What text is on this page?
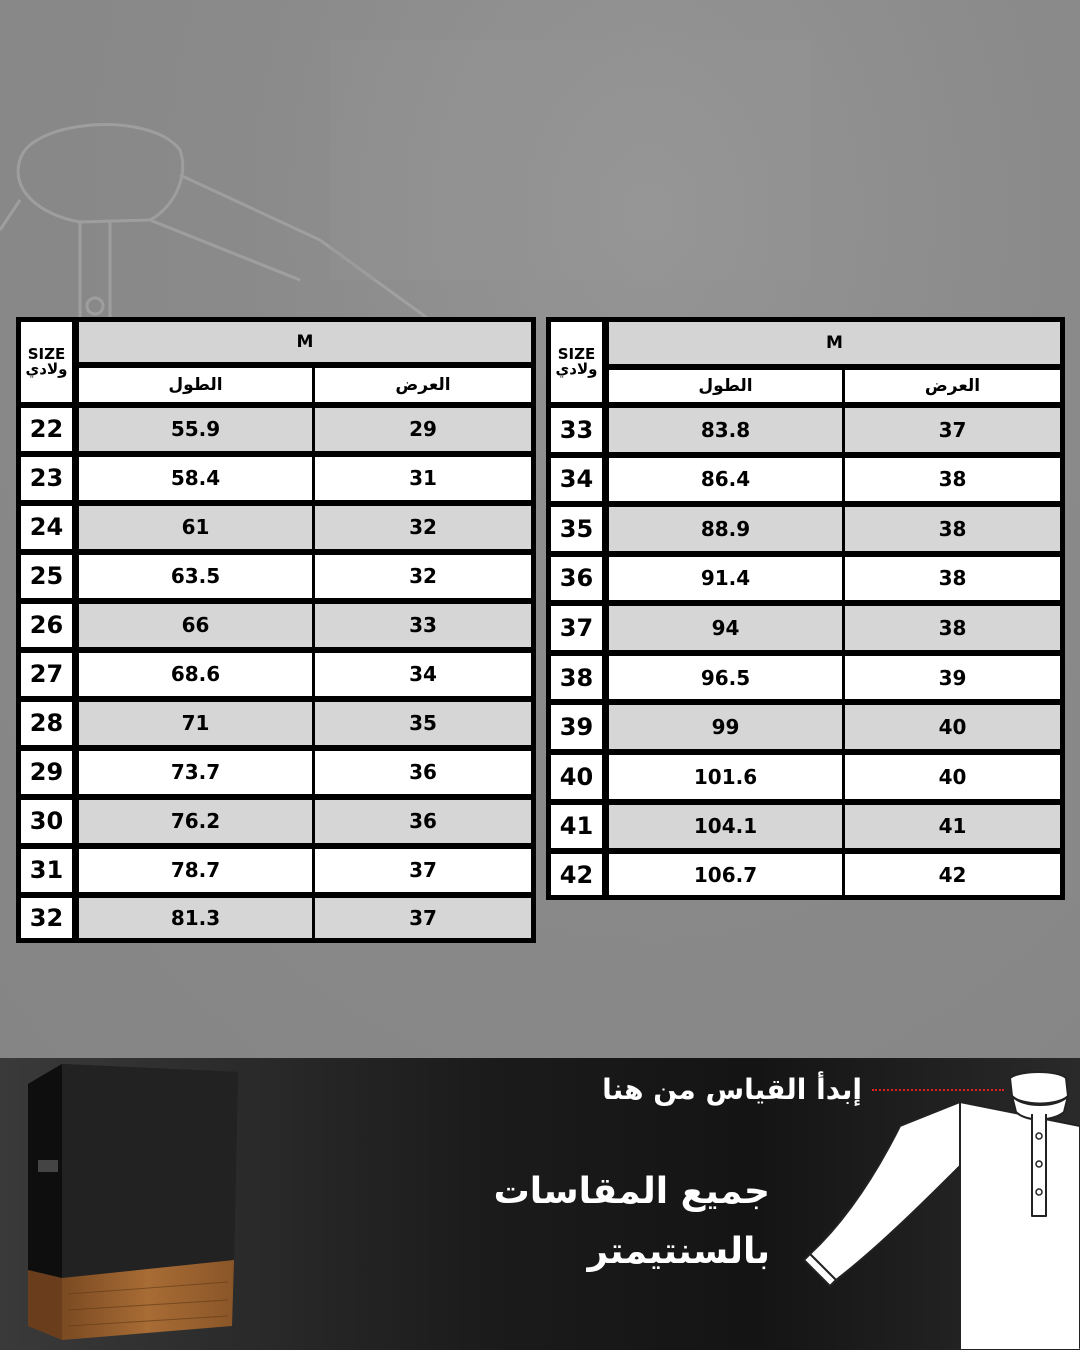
SIZE
ولادي	M	
	الطول	العرض
22	55.9	29
23	58.4	31
24	61	32
25	63.5	32
26	66	33
27	68.6	34
28	71	35
29	73.7	36
30	76.2	36
31	78.7	37
32	81.3	37
SIZE
ولادي	M	
	الطول	العرض
33	83.8	37
34	86.4	38
35	88.9	38
36	91.4	38
37	94	38
38	96.5	39
39	99	40
40	101.6	40
41	104.1	41
42	106.7	42
إبدأ القياس من هنا
جميع المقاسات بالسنتيمتر
